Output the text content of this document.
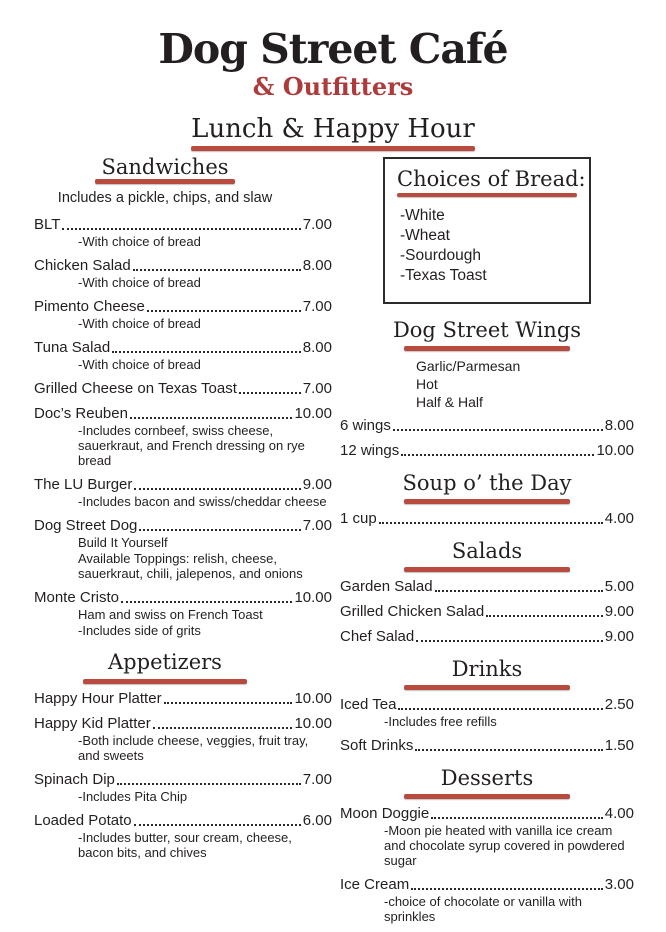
Dog Street Café
& Outfitters
Lunch & Happy Hour
Sandwiches
Includes a pickle, chips, and slaw
BLT	7.00
-With choice of bread
Chicken Salad	8.00
-With choice of bread
Pimento Cheese	7.00
-With choice of bread
Tuna Salad	8.00
-With choice of bread
Grilled Cheese on Texas Toast	7.00
Doc’s Reuben	10.00
-Includes cornbeef, swiss cheese, sauerkraut, and French dressing on rye bread
The LU Burger	9.00
-Includes bacon and swiss/cheddar cheese
Dog Street Dog	7.00
Build It Yourself
Available Toppings: relish, cheese, sauerkraut, chili, jalepenos, and onions
Monte Cristo	10.00
Ham and swiss on French Toast
-Includes side of grits
Appetizers
Happy Hour Platter	10.00
Happy Kid Platter	10.00
-Both include cheese, veggies, fruit tray, and sweets
Spinach Dip	7.00
-Includes Pita Chip
Loaded Potato	6.00
-Includes butter, sour cream, cheese, bacon bits, and chives
Choices of Bread:
-White
-Wheat
-Sourdough
-Texas Toast
Dog Street Wings
Garlic/Parmesan
Hot
Half & Half
6 wings	8.00
12 wings	10.00
Soup o’ the Day
1 cup	4.00
Salads
Garden Salad	5.00
Grilled Chicken Salad	9.00
Chef Salad	9.00
Drinks
Iced Tea	2.50
-Includes free refills
Soft Drinks	1.50
Desserts
Moon Doggie	4.00
-Moon pie heated with vanilla ice cream and chocolate syrup covered in powdered sugar
Ice Cream	3.00
-choice of chocolate or vanilla with sprinkles
